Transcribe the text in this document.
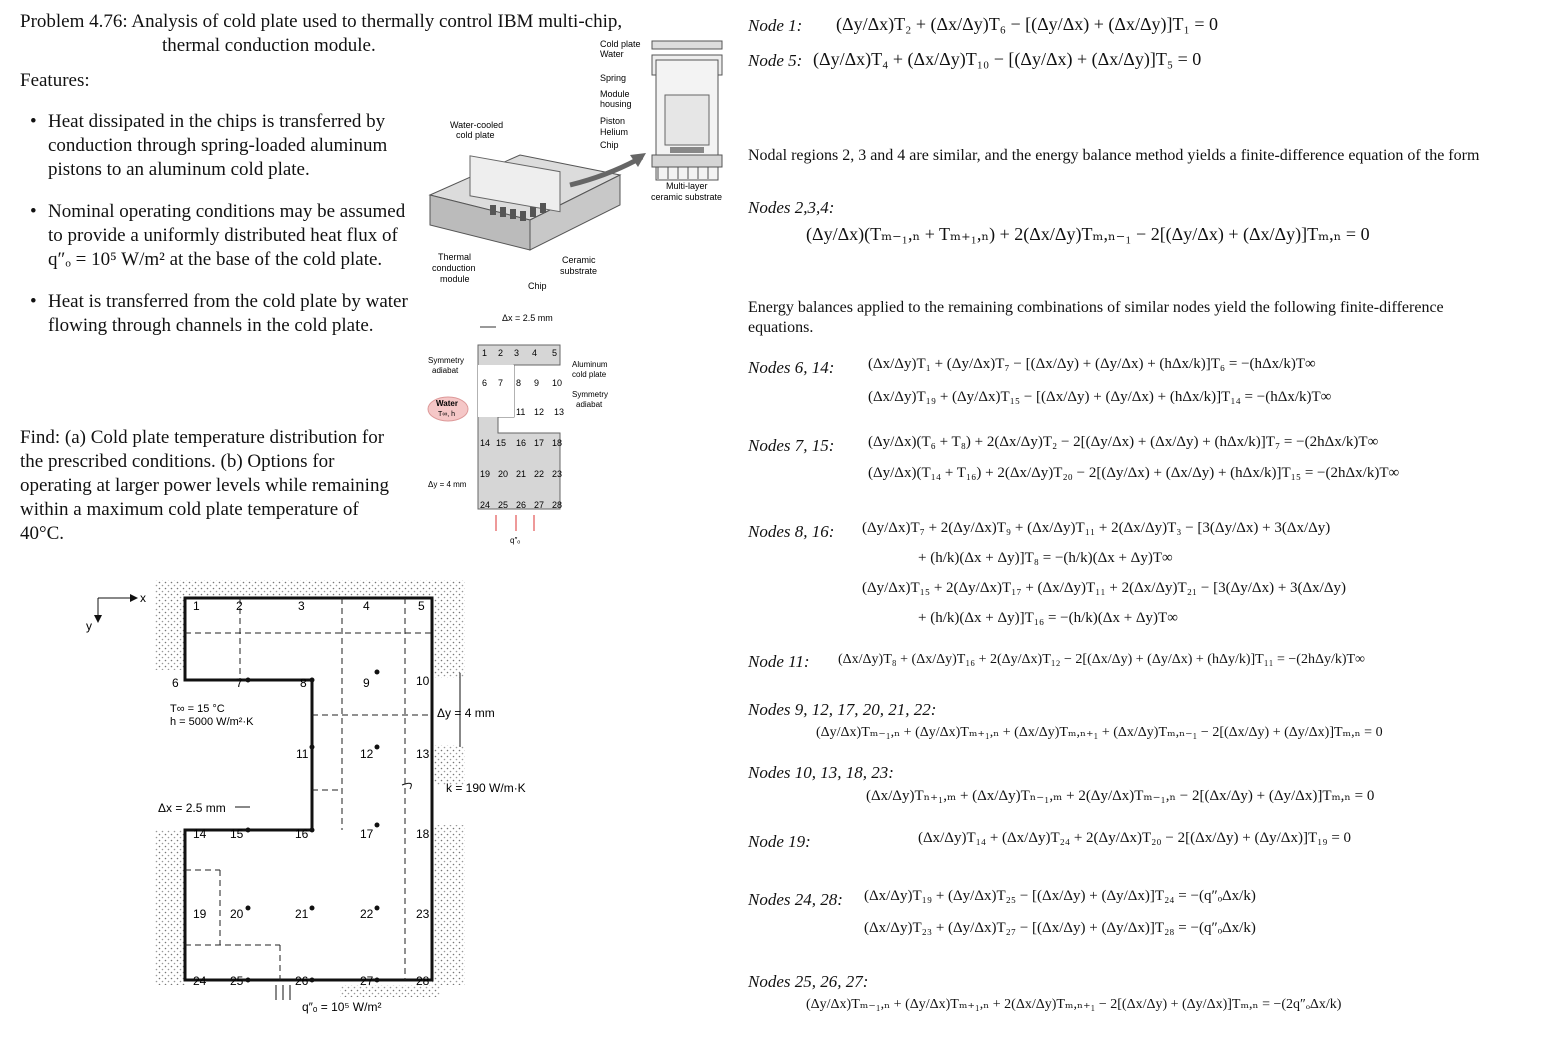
Problem 4.76: Analysis of cold plate used to thermally control IBM multi-chip,
thermal conduction module.
Features:
• Heat dissipated in the chips is transferred by conduction through spring-loaded aluminum pistons to an aluminum cold plate.
• Nominal operating conditions may be assumed to provide a uniformly distributed heat flux of q″ₒ = 10⁵ W/m² at the base of the cold plate.
• Heat is transferred from the cold plate by water flowing through channels in the cold plate.
Find: (a) Cold plate temperature distribution for the prescribed conditions. (b) Options for operating at larger power levels while remaining within a maximum cold plate temperature of 40°C.
Cold plate
Water
Spring
Module
housing
Piston
Helium
Chip
Multi-layer
ceramic substrate
Water-cooled
cold plate
Thermal
conduction
module
Ceramic
substrate
Chip
Δx = 2.5 mm
1 2 3 4 5
6 7 8 9 10
11 12 13
14 15 16 17 18
19 20 21 22 23
24 25 26 27 28
Symmetry
adiabat
Aluminum
cold plate
Symmetry
adiabat
Water
T∞, h
Δy = 4 mm
q″ₒ
x
y
1	2	3	4	5
6	7	8	9	10
11	12	13
14 15	16	17	18
19 20	21	22	23
24 25	26	27	28
T∞ = 15 °C
h = 5000 W/m²·K
Δy = 4 mm
k = 190 W/m·K
Δx = 2.5 mm
q″ₒ = 10⁵ W/m²
Node 1: (Δy/Δx)T₂ + (Δx/Δy)T₆ − [(Δy/Δx) + (Δx/Δy)]T₁ = 0
Node 5: (Δy/Δx)T₄ + (Δx/Δy)T₁₀ − [(Δy/Δx) + (Δx/Δy)]T₅ = 0
Nodal regions 2, 3 and 4 are similar, and the energy balance method yields a finite-difference equation of the form
Nodes 2,3,4:
(Δy/Δx)(Tₘ₋₁,ₙ + Tₘ₊₁,ₙ) + 2(Δx/Δy)Tₘ,ₙ₋₁ − 2[(Δy/Δx) + (Δx/Δy)]Tₘ,ₙ = 0
Energy balances applied to the remaining combinations of similar nodes yield the following finite-difference equations.
Nodes 6, 14: (Δx/Δy)T₁ + (Δy/Δx)T₇ − [(Δx/Δy) + (Δy/Δx) + (hΔx/k)]T₆ = −(hΔx/k)T∞
(Δx/Δy)T₁₉ + (Δy/Δx)T₁₅ − [(Δx/Δy) + (Δy/Δx) + (hΔx/k)]T₁₄ = −(hΔx/k)T∞
Nodes 7, 15: (Δy/Δx)(T₆ + T₈) + 2(Δx/Δy)T₂ − 2[(Δy/Δx) + (Δx/Δy) + (hΔx/k)]T₇ = −(2hΔx/k)T∞
(Δy/Δx)(T₁₄ + T₁₆) + 2(Δx/Δy)T₂₀ − 2[(Δy/Δx) + (Δx/Δy) + (hΔx/k)]T₁₅ = −(2hΔx/k)T∞
Nodes 8, 16: (Δy/Δx)T₇ + 2(Δy/Δx)T₉ + (Δx/Δy)T₁₁ + 2(Δx/Δy)T₃ − [3(Δy/Δx) + 3(Δx/Δy)
+ (h/k)(Δx + Δy)]T₈ = −(h/k)(Δx + Δy)T∞
(Δy/Δx)T₁₅ + 2(Δy/Δx)T₁₇ + (Δx/Δy)T₁₁ + 2(Δx/Δy)T₂₁ − [3(Δy/Δx) + 3(Δx/Δy)
+ (h/k)(Δx + Δy)]T₁₆ = −(h/k)(Δx + Δy)T∞
Node 11: (Δx/Δy)T₈ + (Δx/Δy)T₁₆ + 2(Δy/Δx)T₁₂ − 2[(Δx/Δy) + (Δy/Δx) + (hΔy/k)]T₁₁ = −(2hΔy/k)T∞
Nodes 9, 12, 17, 20, 21, 22:
(Δy/Δx)Tₘ₋₁,ₙ + (Δy/Δx)Tₘ₊₁,ₙ + (Δx/Δy)Tₘ,ₙ₊₁ + (Δx/Δy)Tₘ,ₙ₋₁ − 2[(Δx/Δy) + (Δy/Δx)]Tₘ,ₙ = 0
Nodes 10, 13, 18, 23:
(Δx/Δy)Tₙ₊₁,ₘ + (Δx/Δy)Tₙ₋₁,ₘ + 2(Δy/Δx)Tₘ₋₁,ₙ − 2[(Δx/Δy) + (Δy/Δx)]Tₘ,ₙ = 0
Node 19:	(Δx/Δy)T₁₄ + (Δx/Δy)T₂₄ + 2(Δy/Δx)T₂₀ − 2[(Δx/Δy) + (Δy/Δx)]T₁₉ = 0
Nodes 24, 28: (Δx/Δy)T₁₉ + (Δy/Δx)T₂₅ − [(Δx/Δy) + (Δy/Δx)]T₂₄ = −(q″ₒΔx/k)
(Δx/Δy)T₂₃ + (Δy/Δx)T₂₇ − [(Δx/Δy) + (Δy/Δx)]T₂₈ = −(q″ₒΔx/k)
Nodes 25, 26, 27:
(Δy/Δx)Tₘ₋₁,ₙ + (Δy/Δx)Tₘ₊₁,ₙ + 2(Δx/Δy)Tₘ,ₙ₊₁ − 2[(Δx/Δy) + (Δy/Δx)]Tₘ,ₙ = −(2q″ₒΔx/k)
